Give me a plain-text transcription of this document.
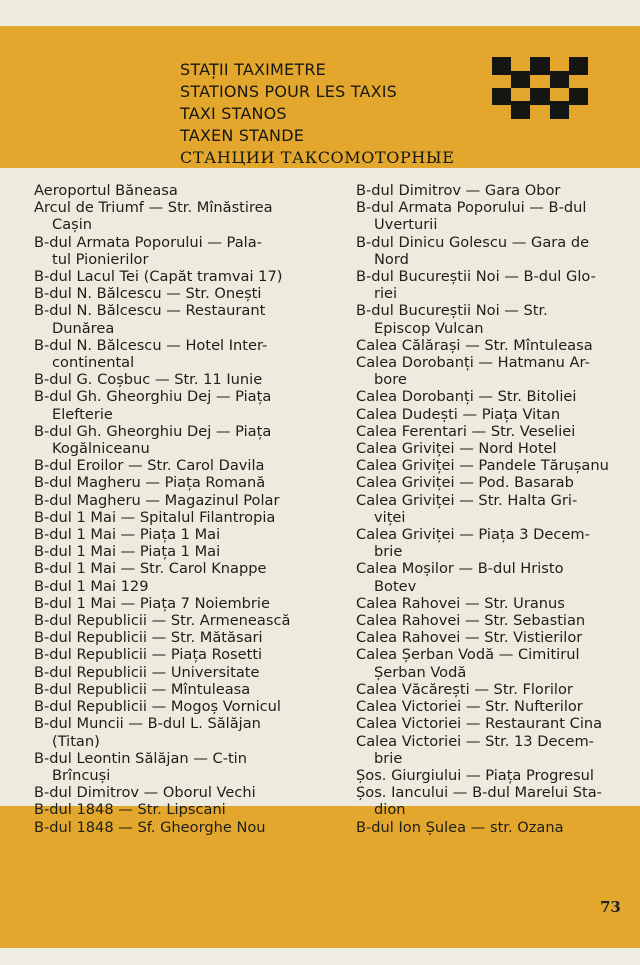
STAȚII TAXIMETRE
STATIONS POUR LES TAXIS
TAXI STANOS
TAXEN STANDE
СТАНЦИИ ТАКСОМОТОРНЫЕ
Aeroportul Băneasa
Arcul de Triumf — Str. Mînăstirea
Cașin
B-dul Armata Poporului — Pala-
tul Pionierilor
B-dul Lacul Tei (Capăt tramvai 17)
B-dul N. Bălcescu — Str. Onești
B-dul N. Bălcescu — Restaurant
Dunărea
B-dul N. Bălcescu — Hotel Inter-
continental
B-dul G. Coșbuc — Str. 11 Iunie
B-dul Gh. Gheorghiu Dej — Piața
Elefterie
B-dul Gh. Gheorghiu Dej — Piața
Kogălniceanu
B-dul Eroilor — Str. Carol Davila
B-dul Magheru — Piața Romană
B-dul Magheru — Magazinul Polar
B-dul 1 Mai — Spitalul Filantropia
B-dul 1 Mai — Piața 1 Mai
B-dul 1 Mai — Piața 1 Mai
B-dul 1 Mai — Str. Carol Knappe
B-dul 1 Mai 129
B-dul 1 Mai — Piața 7 Noiembrie
B-dul Republicii — Str. Armenească
B-dul Republicii — Str. Mătăsari
B-dul Republicii — Piața Rosetti
B-dul Republicii — Universitate
B-dul Republicii — Mîntuleasa
B-dul Republicii — Mogoș Vornicul
B-dul Muncii — B-dul L. Sălăjan
(Titan)
B-dul Leontin Sălăjan — C-tin
Brîncuși
B-dul Dimitrov — Oborul Vechi
B-dul 1848 — Str. Lipscani
B-dul 1848 — Sf. Gheorghe Nou
B-dul Dimitrov — Gara Obor
B-dul Armata Poporului — B-dul
Uverturii
B-dul Dinicu Golescu — Gara de
Nord
B-dul Bucureștii Noi — B-dul Glo-
riei
B-dul Bucureștii Noi — Str.
Episcop Vulcan
Calea Călărași — Str. Mîntuleasa
Calea Dorobanți — Hatmanu Ar-
bore
Calea Dorobanți — Str. Bitoliei
Calea Dudești — Piața Vitan
Calea Ferentari — Str. Veseliei
Calea Griviței — Nord Hotel
Calea Griviței — Pandele Tărușanu
Calea Griviței — Pod. Basarab
Calea Griviței — Str. Halta Gri-
viței
Calea Griviței — Piața 3 Decem-
brie
Calea Moșilor — B-dul Hristo
Botev
Calea Rahovei — Str. Uranus
Calea Rahovei — Str. Sebastian
Calea Rahovei — Str. Vistierilor
Calea Șerban Vodă — Cimitirul
Șerban Vodă
Calea Văcărești — Str. Florilor
Calea Victoriei — Str. Nufterilor
Calea Victoriei — Restaurant Cina
Calea Victoriei — Str. 13 Decem-
brie
Șos. Giurgiului — Piața Progresul
Șos. Iancului — B-dul Marelui Sta-
dion
B-dul Ion Șulea — str. Ozana
73
